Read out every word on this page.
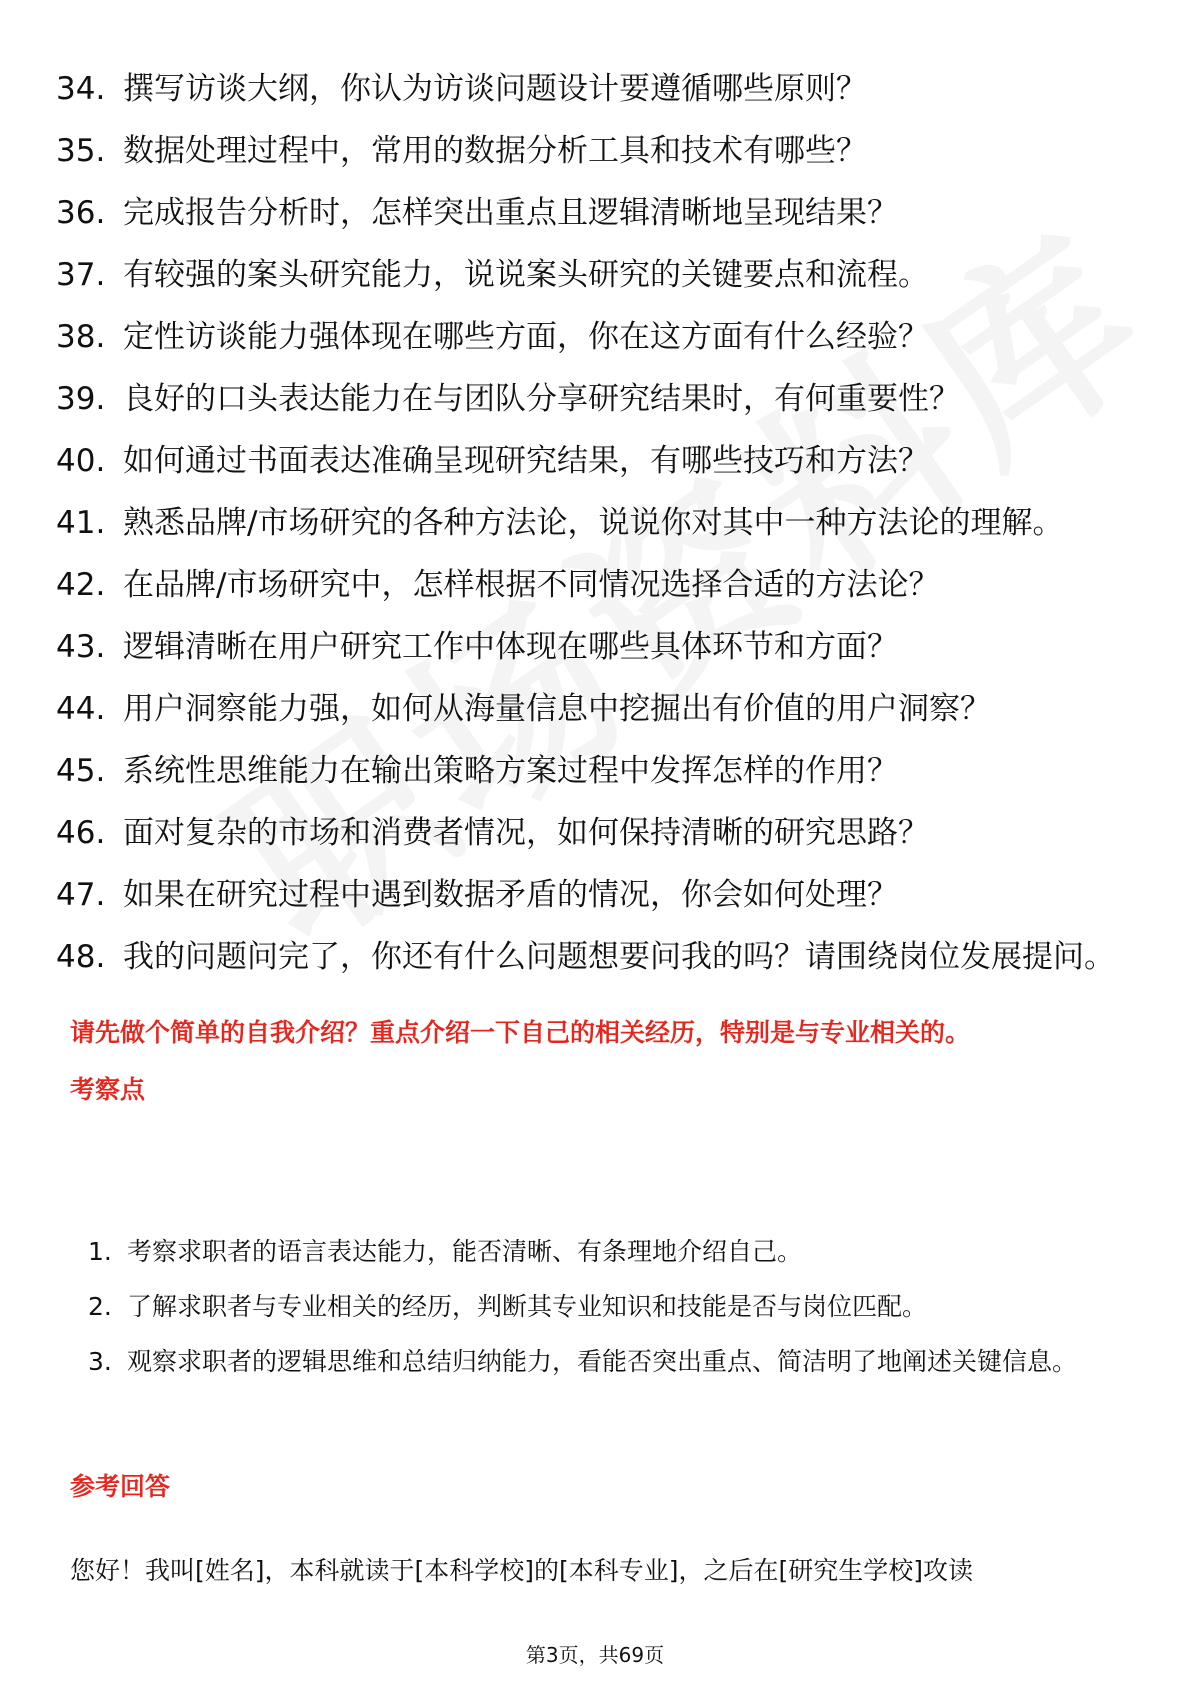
34. 撰写访谈大纲，你认为访谈问题设计要遵循哪些原则？
35. 数据处理过程中，常用的数据分析工具和技术有哪些？
36. 完成报告分析时，怎样突出重点且逻辑清晰地呈现结果？
37. 有较强的案头研究能力，说说案头研究的关键要点和流程。
38. 定性访谈能力强体现在哪些方面，你在这方面有什么经验？
39. 良好的口头表达能力在与团队分享研究结果时，有何重要性？
40. 如何通过书面表达准确呈现研究结果，有哪些技巧和方法？
41. 熟悉品牌/市场研究的各种方法论，说说你对其中一种方法论的理解。
42. 在品牌/市场研究中，怎样根据不同情况选择合适的方法论？
43. 逻辑清晰在用户研究工作中体现在哪些具体环节和方面？
44. 用户洞察能力强，如何从海量信息中挖掘出有价值的用户洞察？
45. 系统性思维能力在输出策略方案过程中发挥怎样的作用？
46. 面对复杂的市场和消费者情况，如何保持清晰的研究思路？
47. 如果在研究过程中遇到数据矛盾的情况，你会如何处理？
48. 我的问题问完了，你还有什么问题想要问我的吗？请围绕岗位发展提问。
请先做个简单的自我介绍？重点介绍一下自己的相关经历，特别是与专业相关的。
考察点
1. 考察求职者的语言表达能力，能否清晰、有条理地介绍自己。
2. 了解求职者与专业相关的经历，判断其专业知识和技能是否与岗位匹配。
3. 观察求职者的逻辑思维和总结归纳能力，看能否突出重点、简洁明了地阐述关键信息。
参考回答
您好！我叫[姓名]，本科就读于[本科学校]的[本科专业]，之后在[研究生学校]攻读
第3页，共69页
